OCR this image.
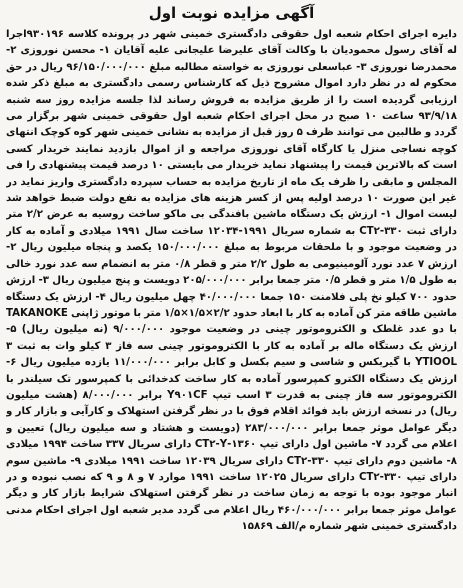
آگهی مزایده نوبت اول

دایره اجرای احکام شعبه اول حقوقی دادگستری خمینی شهر در پرونده کلاسه ۹۳۰۱۹۶اجرا له آقای رسول محمودیان با وکالت آقای علیرضا علیجانی علیه آقایان ۱- محسن نوروزی ۲- محمدرضا نوروزی ۳- عباسعلی نوروزی به خواسته مطالبه مبلغ ۹۶/۱۵۰/۰۰۰/۰۰۰ ریال در حق محکوم له در نظر دارد اموال مشروح ذیل که کارشناس رسمی دادگستری به مبلغ ذکر شده ارزیابی گردیده است را از طریق مزایده به فروش رساند لذا جلسه مزایده روز سه شنبه ۹۳/۹/۱۸ ساعت ۱۰ صبح در محل اجرای احکام شعبه اول حقوقی خمینی شهر برگزار می گردد و طالبین می توانند ظرف ۵ روز قبل از مزایده به نشانی خمینی شهر کوه کوچک انتهای کوچه نساجی منزل یا کارگاه آقای نوروزی مراجعه و از اموال بازدید نمایند خریدار کسی است که بالاترین قیمت را پیشنهاد نماید خریدار می بایستی ۱۰ درصد قیمت پیشنهادی را فی المجلس و مابقی را ظرف یک ماه از تاریخ مزایده به حساب سپرده دادگستری واریز نماید در غیر این صورت ۱۰ درصد اولیه پس از کسر هزینه های مزایده به نفع دولت ضبط خواهد شد لیست اموال ۱- ارزش یک دستگاه ماشین بافندگی بی ماکو ساخت روسیه به عرض ۲/۲ متر دارای ثبت ۳۳۰-CT۲ به شماره سریال ۱۹۹۱-۱۲۰۳۴ ساخت سال ۱۹۹۱ میلادی و آماده به کار در وضعیت موجود و با ملحقات مربوط به مبلغ ۱۵۰/۰۰۰/۰۰۰ یکصد و پنجاه میلیون ریال ۲- ارزش ۷ عدد نورد آلومینیومی به طول ۲/۲ متر و قطر ۰/۸ متر به انضمام سه عدد نورد خالی به طول ۱/۵ متر و قطر ۰/۵ متر جمعا برابر ۲۰۵/۰۰۰/۰۰۰ دویست و پنج میلیون ریال ۳- ارزش حدود ۷۰۰ کیلو نخ پلی فلامنت ۱۵۰ جمعا ۴۰/۰۰۰/۰۰۰ چهل میلیون ریال ۴- ارزش یک دستگاه ماشین طاقه متر کن آماده به کار با ابعاد حدود ۲/۲×۱/۵×۱/۵ متر با موتور ژاپنی TAKANOKE با دو عدد غلطک و الکتروموتور چینی در وضعیت موجود ۹/۰۰۰/۰۰۰ (نه میلیون ریال) ۵- ارزش یک دستگاه ماله بر آماده به کار با الکتروموتور چینی سه فاز ۳ کیلو وات به ثبت ۳ YTIOOL با گیربکس و شاسی و سیم بکسل و کابل برابر ۱۱/۰۰۰/۰۰۰ یازده میلیون ریال ۶- ارزش یک دستگاه الکترو کمپرسور آماده به کار ساخت کدخدائی با کمپرسور تک سیلندر با الکتروموتور سه فاز چینی به قدرت ۳ اسب تیپ Y۹۰۱CF برابر ۸/۰۰۰/۰۰۰ (هشت میلیون ریال) در نسخه ارزش باید فوائد اقلام فوق با در نظر گرفتن استهلاک و کارآیی و بازار کار و دیگر عوامل موثر جمعا برابر ۲۸۳/۰۰۰/۰۰۰ (دویست و هشتاد و سه میلیون ریال) تعیین و اعلام می گردد ۷- ماشین اول دارای تیپ ۱۳۶۰-CT۲-Y دارای سریال ۳۳۷ ساخت ۱۹۹۴ میلادی ۸- ماشین دوم دارای تیپ ۳۳۰-CT۲ دارای سریال ۱۲۰۳۹ ساخت ۱۹۹۱ میلادی ۹- ماشین سوم دارای تیپ ۳۳۰-CT۲ دارای سریال ۱۲۰۲۵ ساخت ۱۹۹۱ موارد ۷ و ۸ و ۹ که نصب نبوده و در انبار موجود بوده با توجه به زمان ساخت در نظر گرفتن استهلاک شرایط بازار کار و دیگر عوامل موثر جمعا برابر ۴۶۰/۰۰۰/۰۰۰ ریال اعلام می گردد مدیر شعبه اول اجرای احکام مدنی دادگستری خمینی شهر شماره م/الف ۱۵۸۶۹
